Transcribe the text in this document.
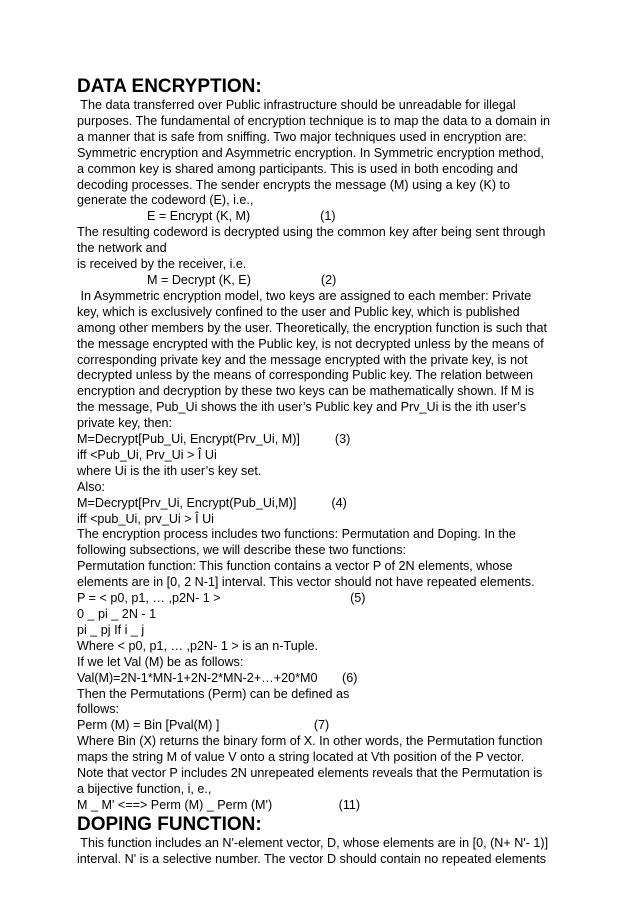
DATA ENCRYPTION:
The data transferred over Public infrastructure should be unreadable for illegal
purposes. The fundamental of encryption technique is to map the data to a domain in
a manner that is safe from sniffing. Two major techniques used in encryption are:
Symmetric encryption and Asymmetric encryption. In Symmetric encryption method,
a common key is shared among participants. This is used in both encoding and
decoding processes. The sender encrypts the message (M) using a key (K) to
generate the codeword (E), i.e.,
E = Encrypt (K, M)                    (1)
The resulting codeword is decrypted using the common key after being sent through
the network and
is received by the receiver, i.e.
M = Decrypt (K, E)                    (2)
In Asymmetric encryption model, two keys are assigned to each member: Private
key, which is exclusively confined to the user and Public key, which is published
among other members by the user. Theoretically, the encryption function is such that
the message encrypted with the Public key, is not decrypted unless by the means of
corresponding private key and the message encrypted with the private key, is not
decrypted unless by the means of corresponding Public key. The relation between
encryption and decryption by these two keys can be mathematically shown. If M is
the message, Pub_Ui shows the ith user’s Public key and Prv_Ui is the ith user’s
private key, then:
M=Decrypt[Pub_Ui, Encrypt(Prv_Ui, M)]          (3)
iff <Pub_Ui, Prv_Ui > Î Ui
where Ui is the ith user’s key set.
Also:
M=Decrypt[Prv_Ui, Encrypt(Pub_Ui,M)]          (4)
iff <pub_Ui, prv_Ui > Î Ui
The encryption process includes two functions: Permutation and Doping. In the
following subsections, we will describe these two functions:
Permutation function: This function contains a vector P of 2N elements, whose
elements are in [0, 2 N-1] interval. This vector should not have repeated elements.
P = < p0, p1, … ,p2N- 1 >                                     (5)
0 _ pi _ 2N - 1
pi _ pj If i _ j
Where < p0, p1, … ,p2N- 1 > is an n-Tuple.
If we let Val (M) be as follows:
Val(M)=2N-1*MN-1+2N-2*MN-2+…+20*M0       (6)
Then the Permutations (Perm) can be defined as
follows:
Perm (M) = Bin [Pval(M) ]                           (7)
Where Bin (X) returns the binary form of X. In other words, the Permutation function
maps the string M of value V onto a string located at Vth position of the P vector.
Note that vector P includes 2N unrepeated elements reveals that the Permutation is
a bijective function, i, e.,
M _ M' <==> Perm (M) _ Perm (M')                   (11)
DOPING FUNCTION:
This function includes an N'-element vector, D, whose elements are in [0, (N+ N'- 1)]
interval. N' is a selective number. The vector D should contain no repeated elements
